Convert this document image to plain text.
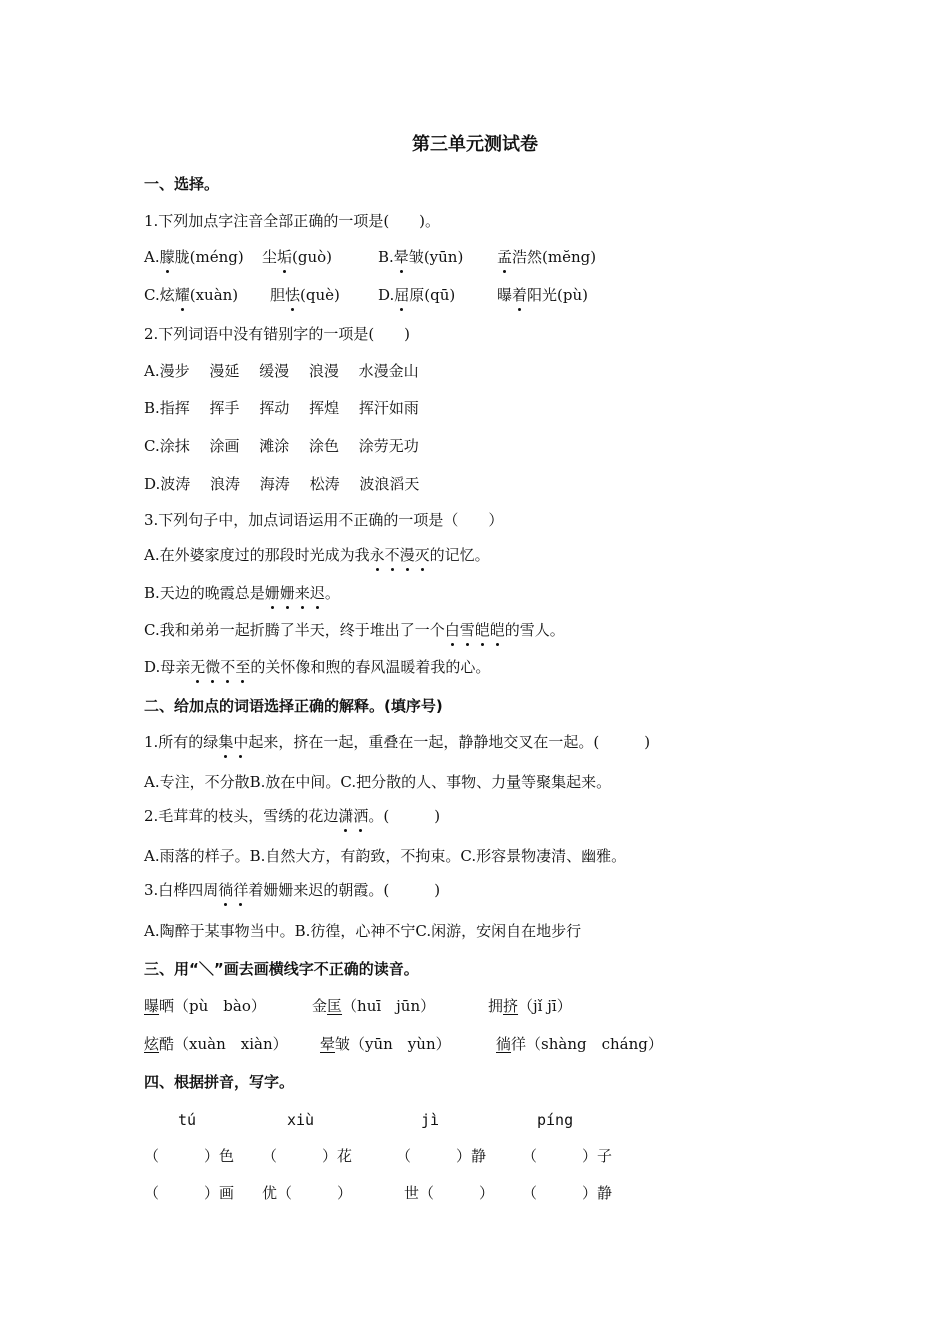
第三单元测试卷
一、选择。
1.下列加点字注音全部正确的一项是(　　)。
A.朦胧(méng) 尘垢(guò)	B.晕皱(yūn) 孟浩然(mĕng)
C.炫耀(xuàn) 胆怯(què)	D.屈原(qū)	曝着阳光(pù)
2.下列词语中没有错别字的一项是(　　)
A.漫步　 漫延　 缓漫　 浪漫　 水漫金山
B.指挥　 挥手　 挥动　 挥煌　 挥汗如雨
C.涂抹　 涂画　 滩涂　 涂色　 涂劳无功
D.波涛　 浪涛　 海涛　 松涛　 波浪滔天
3.下列句子中，加点词语运用不正确的一项是（　　）
A.在外婆家度过的那段时光成为我永不漫灭的记忆。
B.天边的晚霞总是姗姗来迟。
C.我和弟弟一起折腾了半天，终于堆出了一个白雪皑皑的雪人。
D.母亲无微不至的关怀像和煦的春风温暖着我的心。
二、给加点的词语选择正确的解释。(填序号)
1.所有的绿集中起来，挤在一起，重叠在一起，静静地交叉在一起。(　　　)
A.专注，不分散B.放在中间。C.把分散的人、事物、力量等聚集起来。
2.毛茸茸的枝头，雪绣的花边潇洒。(　　　)
A.雨落的样子。B.自然大方，有韵致，不拘束。C.形容景物凄清、幽雅。
3.白桦四周徜徉着姗姗来迟的朝霞。(　　　)
A.陶醉于某事物当中。B.彷徨，心神不宁C.闲游，安闲自在地步行
三、用“＼”画去画横线字不正确的读音。
曝晒（pù　bào）	金匡（huī　jūn）	拥挤（jǐ jī）
炫酷（xuàn　xiàn） 晕皱（yūn　yùn）	徜徉（shàng　cháng）
四、根据拼音，写字。
tú	xiù	jì	píng
（　　　）色 （　　　）花	（　　　）静 （　　　）子
（　　　）画 优（　　　）	世（　　　） （　　　）静
